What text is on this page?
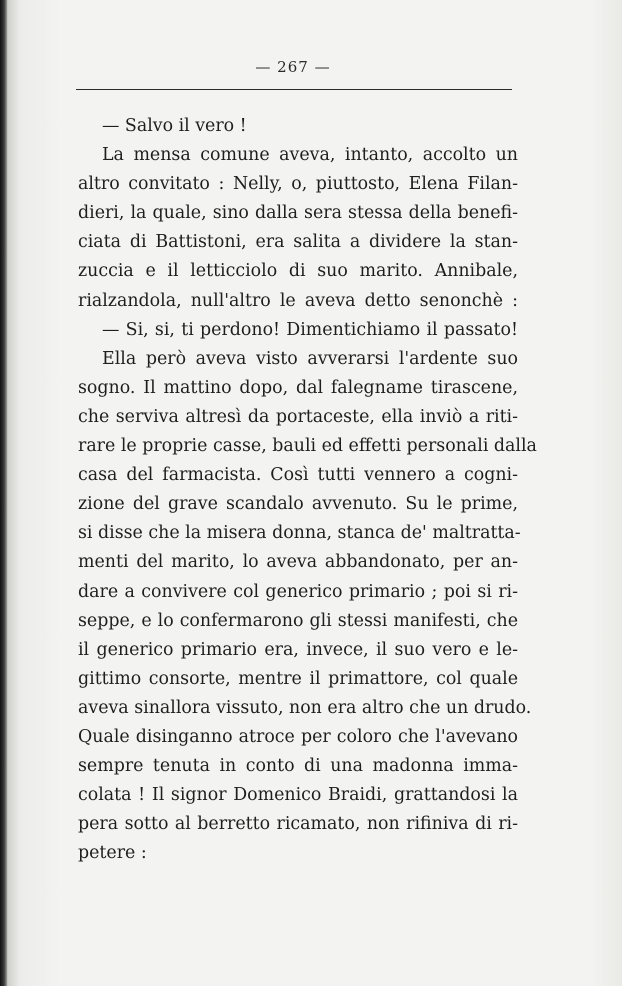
— 267 —
— Salvo il vero !
La mensa comune aveva, intanto, accolto un
altro convitato : Nelly, o, piuttosto, Elena Filan-
dieri, la quale, sino dalla sera stessa della benefi-
ciata di Battistoni, era salita a dividere la stan-
zuccia e il letticciolo di suo marito. Annibale,
rialzandola, null'altro le aveva detto senonchè :
— Si, si, ti perdono! Dimentichiamo il passato!
Ella però aveva visto avverarsi l'ardente suo
sogno. Il mattino dopo, dal falegname tirascene,
che serviva altresì da portaceste, ella inviò a riti-
rare le proprie casse, bauli ed effetti personali dalla
casa del farmacista. Così tutti vennero a cogni-
zione del grave scandalo avvenuto. Su le prime,
si disse che la misera donna, stanca de' maltratta-
menti del marito, lo aveva abbandonato, per an-
dare a convivere col generico primario ; poi si ri-
seppe, e lo confermarono gli stessi manifesti, che
il generico primario era, invece, il suo vero e le-
gittimo consorte, mentre il primattore, col quale
aveva sinallora vissuto, non era altro che un drudo.
Quale disinganno atroce per coloro che l'avevano
sempre tenuta in conto di una madonna imma-
colata ! Il signor Domenico Braidi, grattandosi la
pera sotto al berretto ricamato, non rifiniva di ri-
petere :
